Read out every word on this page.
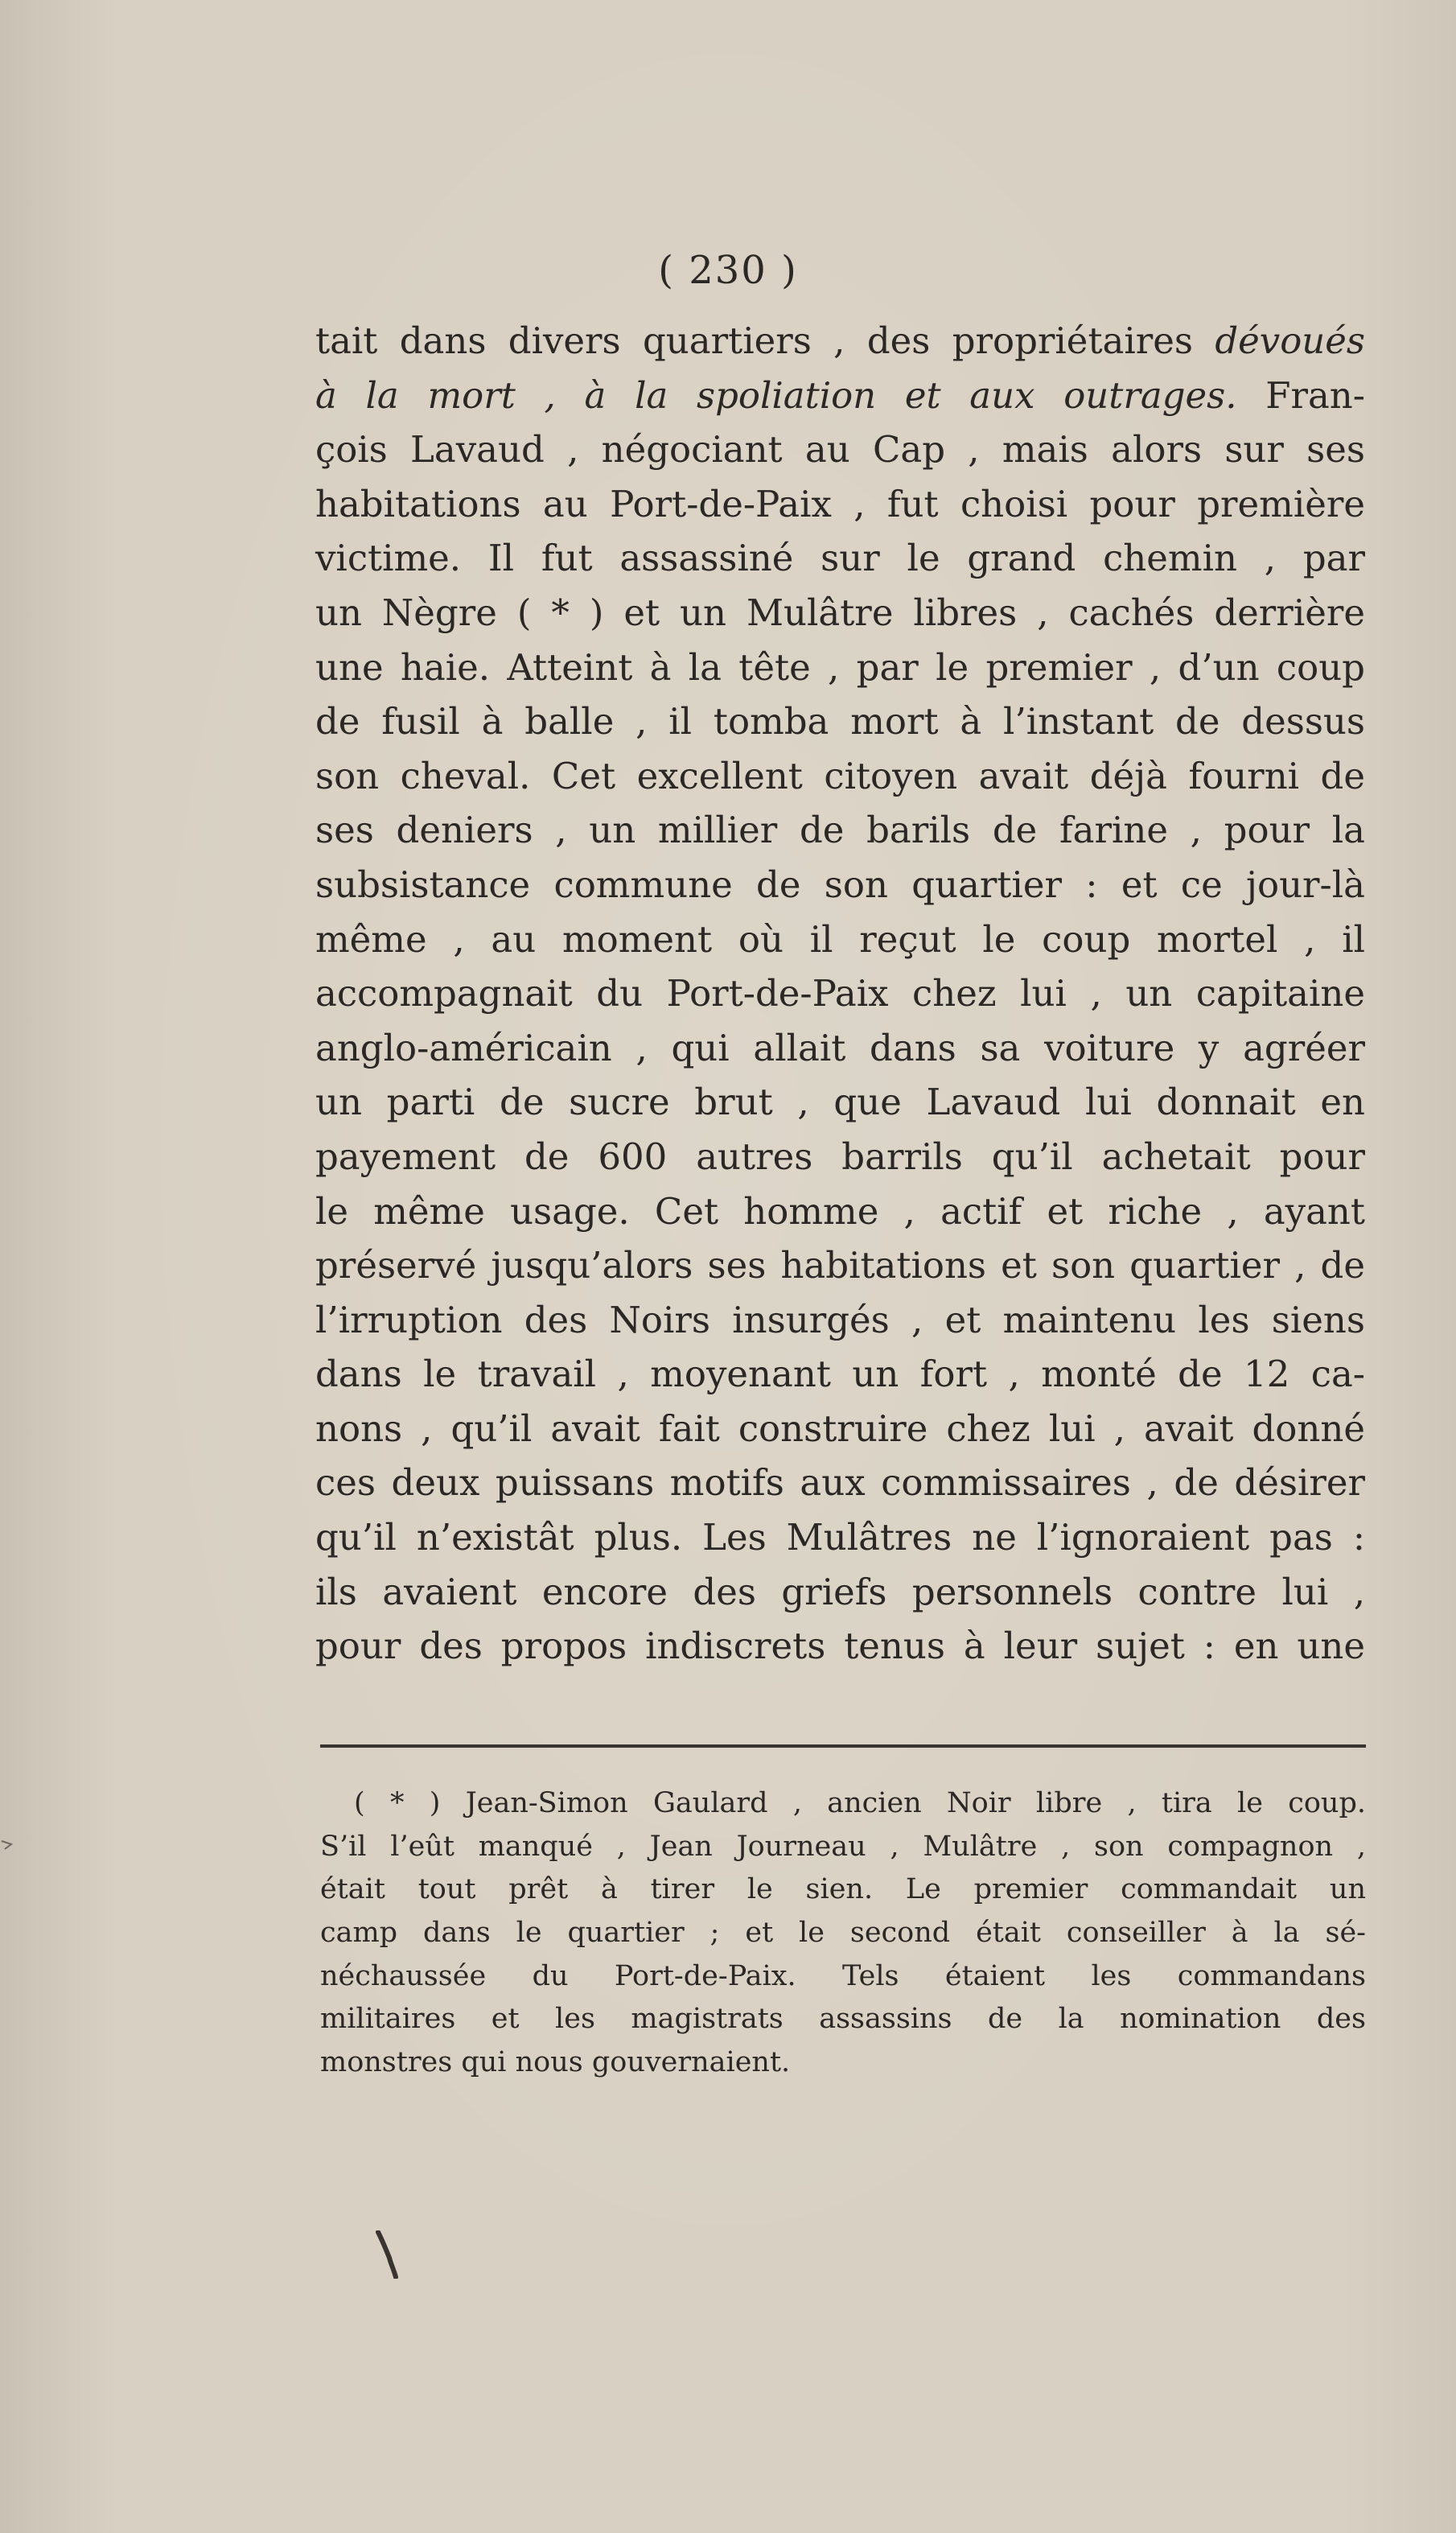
( 230 )
tait dans divers quartiers , des propriétaires dévoués
à la mort , à la spoliation et aux outrages. Fran-
çois Lavaud , négociant au Cap , mais alors sur ses
habitations au Port-de-Paix , fut choisi pour première
victime. Il fut assassiné sur le grand chemin , par
un Nègre ( * ) et un Mulâtre libres , cachés derrière
une haie. Atteint à la tête , par le premier , d’un coup
de fusil à balle , il tomba mort à l’instant de dessus
son cheval. Cet excellent citoyen avait déjà fourni de
ses deniers , un millier de barils de farine , pour la
subsistance commune de son quartier : et ce jour-là
même , au moment où il reçut le coup mortel , il
accompagnait du Port-de-Paix chez lui , un capitaine
anglo-américain , qui allait dans sa voiture y agréer
un parti de sucre brut , que Lavaud lui donnait en
payement de 600 autres barrils qu’il achetait pour
le même usage. Cet homme , actif et riche , ayant
préservé jusqu’alors ses habitations et son quartier , de
l’irruption des Noirs insurgés , et maintenu les siens
dans le travail , moyenant un fort , monté de 12 ca-
nons , qu’il avait fait construire chez lui , avait donné
ces deux puissans motifs aux commissaires , de désirer
qu’il n’existât plus. Les Mulâtres ne l’ignoraient pas :
ils avaient encore des griefs personnels contre lui ,
pour des propos indiscrets tenus à leur sujet : en une
( * ) Jean-Simon Gaulard , ancien Noir libre , tira le coup.
S’il l’eût manqué , Jean Journeau , Mulâtre , son compagnon ,
était tout prêt à tirer le sien. Le premier commandait un
camp dans le quartier ; et le second était conseiller à la sé-
néchaussée du Port-de-Paix. Tels étaient les commandans
militaires et les magistrats assassins de la nomination des
monstres qui nous gouvernaient.
